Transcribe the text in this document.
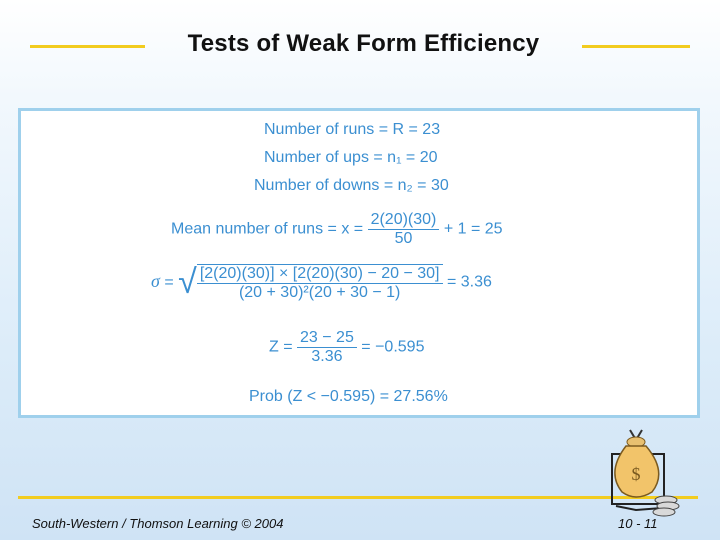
Tests of Weak Form Efficiency
Number of runs = R = 23
Number of ups = n₁ = 20
Number of downs = n₂ = 30
Mean number of runs = $x = \frac{2(20)(30)}{50} + 1 = 25$
σ = √ $\frac{[2(20)(30)] \times [2(20)(30) - 20 - 30]}{\text{(20 + 30)²(20 + 30 − 1)}} = 3.36$
$Z = \frac{23 - 25}{3.36} = -0.595$
Prob (Z < −0.595) = 27.56%
South-Western / Thomson Learning © 2004	10 - 11
$
